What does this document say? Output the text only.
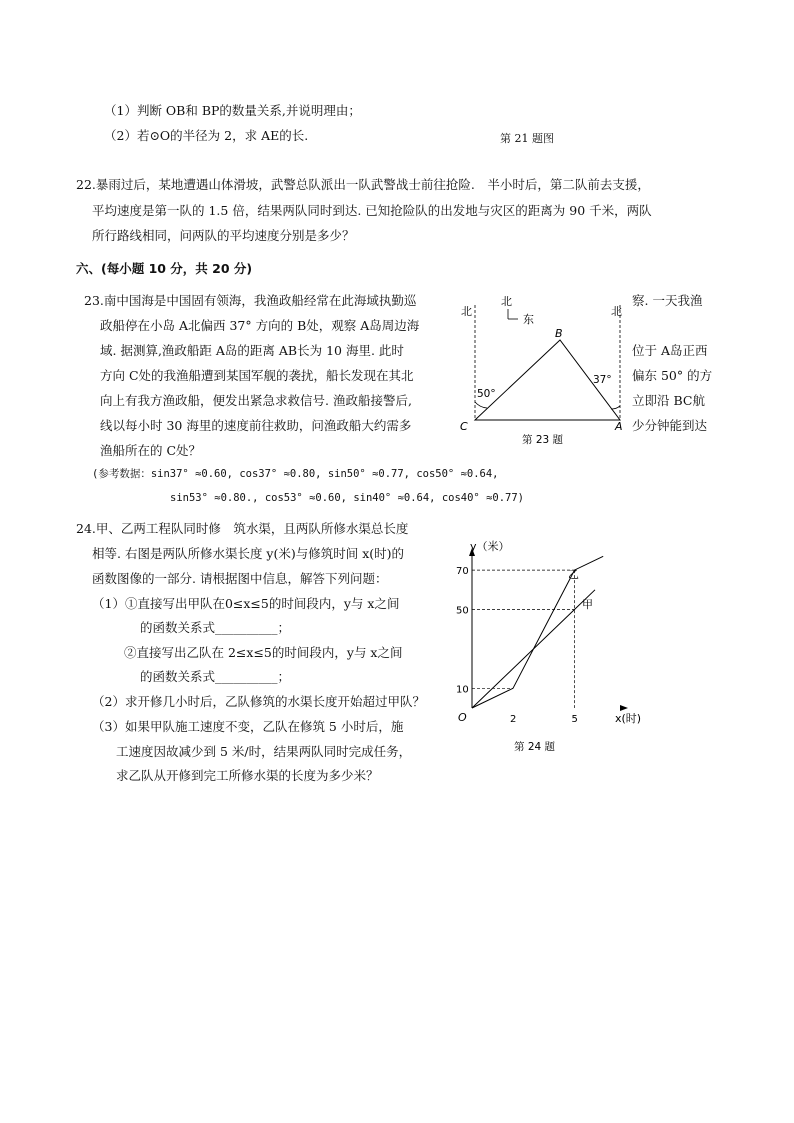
（1）判断 OB和 BP的数量关系,并说明理由；
（2）若⊙O的半径为 2，求 AE的长.	第 21 题图
22.暴雨过后，某地遭遇山体滑坡，武警总队派出一队武警战士前往抢险.　半小时后，第二队前去支援，
平均速度是第一队的 1.5 倍，结果两队同时到达. 已知抢险队的出发地与灾区的距离为 90 千米，两队
所行路线相同，问两队的平均速度分别是多少？
六、(每小题 10 分，共 20 分)
23.南中国海是中国固有领海，我渔政船经常在此海域执勤巡
政船停在小岛 A北偏西 37° 方向的 B处，观察 A岛周边海
域. 据测算,渔政船距 A岛的距离 AB长为 10 海里. 此时
方向 C处的我渔船遭到某国军舰的袭扰，船长发现在其北
向上有我方渔政船，便发出紧急求救信号. 渔政船接警后,
线以每小时 30 海里的速度前往救助，问渔政船大约需多
渔船所在的 C处？
察. 一天我渔
位于 A岛正西
偏东 50° 的方
立即沿 BC航
少分钟能到达
(参考数据：sin37° ≈0.60, cos37° ≈0.80, sin50° ≈0.77, cos50° ≈0.64,
sin53° ≈0.80., cos53° ≈0.60, sin40° ≈0.64, cos40° ≈0.77)
北
北
东
北
B
C	A
50°
37°
第 23 题
24.甲、乙两工程队同时修　筑水渠，且两队所修水渠总长度
相等. 右图是两队所修水渠长度 y(米)与修筑时间 x(时)的
函数图像的一部分. 请根据图中信息，解答下列问题：
（1）①直接写出甲队在0≤x≤5的时间段内，y与 x之间
的函数关系式__________；
②直接写出乙队在 2≤x≤5的时间段内，y与 x之间
的函数关系式__________；
（2）求开修几小时后，乙队修筑的水渠长度开始超过甲队？
（3）如果甲队施工速度不变，乙队在修筑 5 小时后，施
工速度因故减少到 5 米/时，结果两队同时完成任务，
求乙队从开修到完工所修水渠的长度为多少米？
y（米）
x(时)
O
70
50
10
2	5
乙
甲
第 24 题
